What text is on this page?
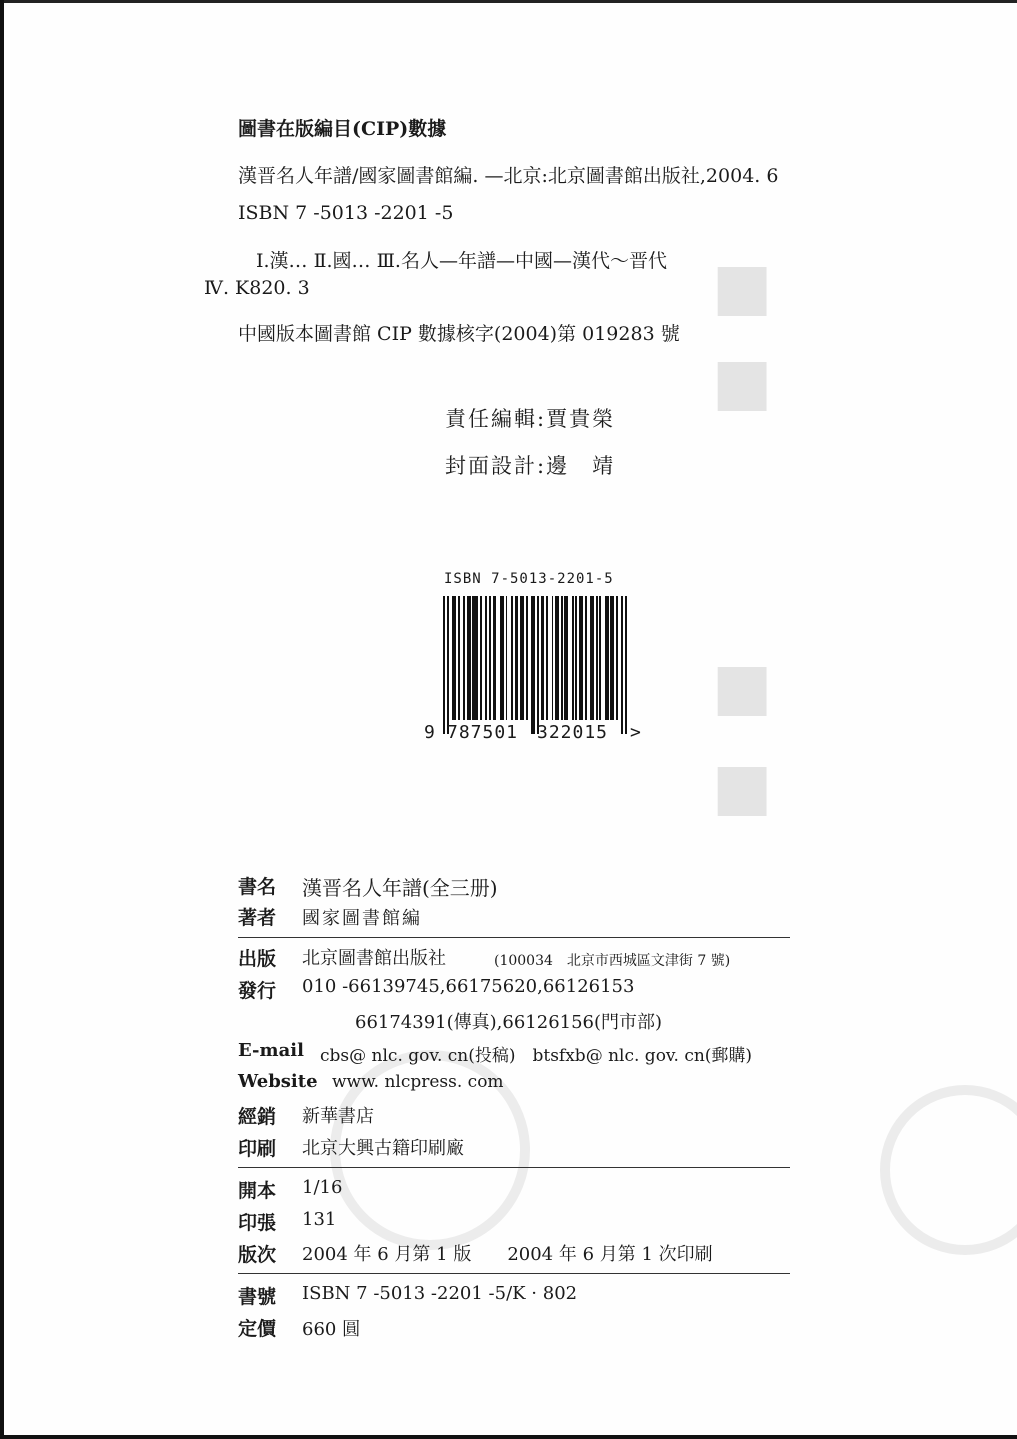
■
■
■
■
圖書在版編目(CIP)數據
漢晋名人年譜/國家圖書館編. —北京:北京圖書館出版社,2004. 6
ISBN 7 -5013 -2201 -5
Ⅰ.漢… Ⅱ.國… Ⅲ.名人—年譜—中國—漢代～晋代
Ⅳ. K820. 3
中國版本圖書館 CIP 數據核字(2004)第 019283 號
責任編輯:賈貴榮
封面設計:邊　靖
ISBN 7-5013-2201-5
9 787501 322015 >
書名 漢晋名人年譜(全三册)
著者 國家圖書館編
出版 北京圖書館出版社	(100034　北京市西城區文津街 7 號)
發行 010 -66139745,66175620,66126153
66174391(傳真),66126156(門市部)
E-mail cbs@ nlc. gov. cn(投稿)　btsfxb@ nlc. gov. cn(郵購)
Website www. nlcpress. com
經銷 新華書店
印刷 北京大興古籍印刷廠
開本 1/16
印張 131
版次 2004 年 6 月第 1 版　　2004 年 6 月第 1 次印刷
書號 ISBN 7 -5013 -2201 -5/K · 802
定價 660 圓
